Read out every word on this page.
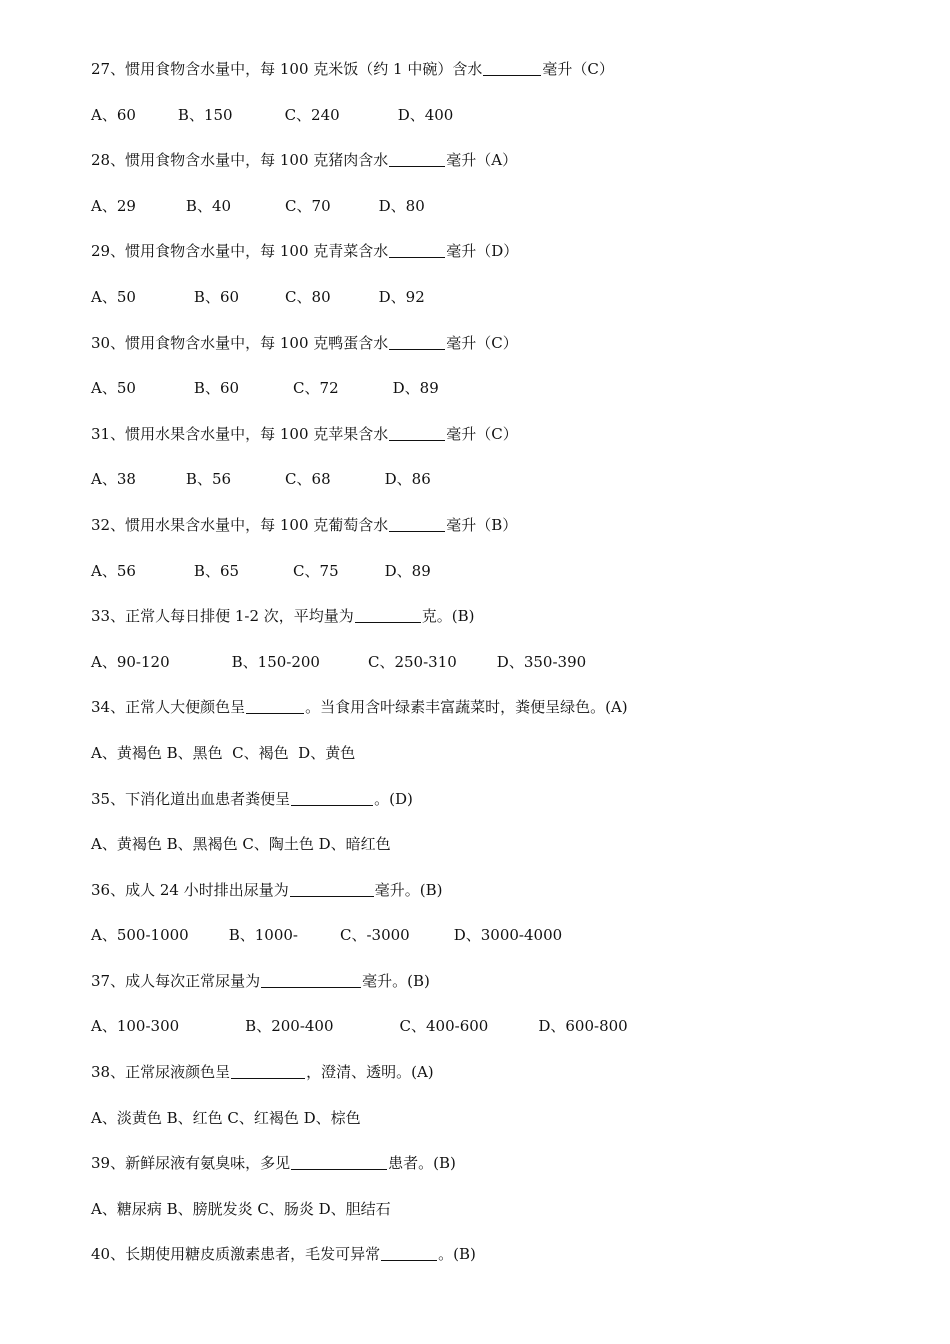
27、惯用食物含水量中，每 100 克米饭（约 1 中碗）含水	毫升（C）
A、60	B、150	C、240	D、400
28、惯用食物含水量中，每 100 克猪肉含水	毫升（A）
A、29	B、40	C、70	D、80
29、惯用食物含水量中，每 100 克青菜含水	毫升（D）
A、50	B、60	C、80	D、92
30、惯用食物含水量中，每 100 克鸭蛋含水	毫升（C）
A、50	B、60	C、72	D、89
31、惯用水果含水量中，每 100 克苹果含水	毫升（C）
A、38	B、56	C、68	D、86
32、惯用水果含水量中，每 100 克葡萄含水	毫升（B）
A、56	B、65	C、75	D、89
33、正常人每日排便 1-2 次，平均量为	克。(B)
A、90-120	B、150-200	C、250-310	D、350-390
34、正常人大便颜色呈	。当食用含叶绿素丰富蔬菜时，粪便呈绿色。(A)
A、黄褐色 B、黑色  C、褐色  D、黄色
35、下消化道出血患者粪便呈	。(D)
A、黄褐色 B、黑褐色 C、陶土色 D、暗红色
36、成人 24 小时排出尿量为	毫升。(B)
A、500-1000	B、1000-	C、-3000	D、3000-4000
37、成人每次正常尿量为	毫升。(B)
A、100-300	B、200-400	C、400-600	D、600-800
38、正常尿液颜色呈	，澄清、透明。(A)
A、淡黄色 B、红色 C、红褐色 D、棕色
39、新鲜尿液有氨臭味，多见	患者。(B)
A、糖尿病 B、膀胱发炎 C、肠炎 D、胆结石
40、长期使用糖皮质激素患者，毛发可异常	。(B)
